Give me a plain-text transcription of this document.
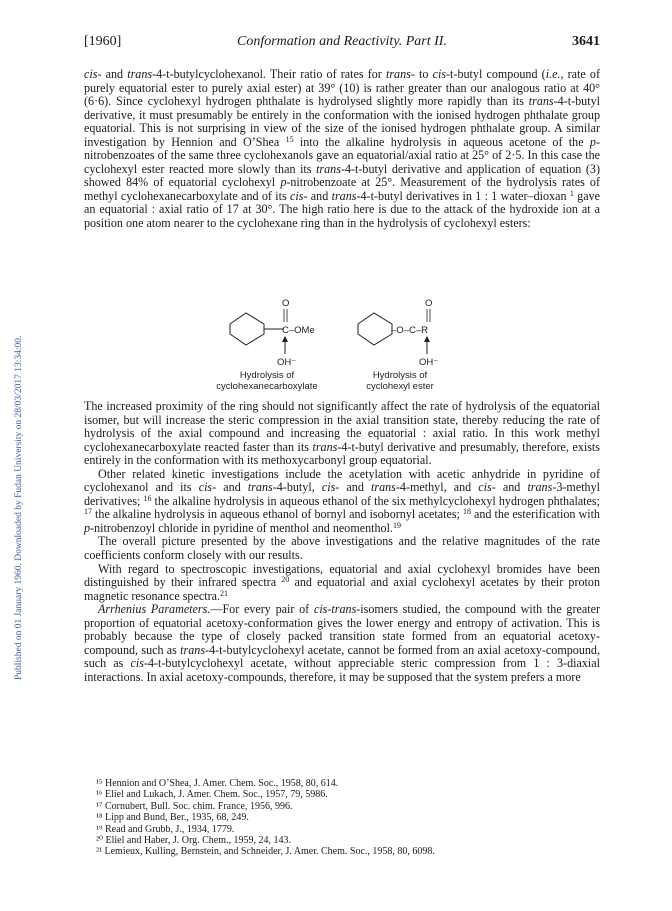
Published on 01 January 1960. Downloaded by Fudan University on 28/03/2017 13:34:00.
[1960]	Conformation and Reactivity. Part II.	3641

cis- and trans-4-t-butylcyclohexanol. Their ratio of rates for trans- to cis-t-butyl compound (i.e., rate of purely equatorial ester to purely axial ester) at 39° (10) is rather greater than our analogous ratio at 40° (6·6). Since cyclohexyl hydrogen phthalate is hydrolysed slightly more rapidly than its trans-4-t-butyl derivative, it must presumably be entirely in the conformation with the ionised hydrogen phthalate group equatorial. This is not surprising in view of the size of the ionised hydrogen phthalate group. A similar investigation by Hennion and O’Shea $^{15}$ into the alkaline hydrolysis in aqueous acetone of the p-nitrobenzoates of the same three cyclohexanols gave an equatorial/axial ratio at 25° of 2·5. In this case the cyclohexyl ester reacted more slowly than its trans-4-t-butyl derivative and application of equation (3) showed 84% of equatorial cyclohexyl p-nitrobenzoate at 25°. Measurement of the hydrolysis rates of methyl cyclohexanecarboxylate and of its cis- and trans-4-t-butyl derivatives in 1 : 1 water–dioxan $^1$ gave an equatorial : axial ratio of 17 at 30°. The high ratio here is due to the attack of the hydroxide ion at a position one atom nearer to the cyclohexane ring than in the hydrolysis of cyclohexyl esters:

O
C–OMe
OH⁻
–O–C–R
O
OH⁻
Hydrolysis of cyclohexanecarboxylate
Hydrolysis of cyclohexyl ester

The increased proximity of the ring should not significantly affect the rate of hydrolysis of the equatorial isomer, but will increase the steric compression in the axial transition state, thereby reducing the rate of hydrolysis of the axial compound and increasing the equatorial : axial ratio. In this work methyl cyclohexanecarboxylate reacted faster than its trans-4-t-butyl derivative and presumably, therefore, exists entirely in the conformation with its methoxycarbonyl group equatorial.

Other related kinetic investigations include the acetylation with acetic anhydride in pyridine of cyclohexanol and its cis- and trans-4-butyl, cis- and trans-4-methyl, and cis- and trans-3-methyl derivatives; $^{16}$ the alkaline hydrolysis in aqueous ethanol of the six methylcyclohexyl hydrogen phthalates; $^{17}$ the alkaline hydrolysis in aqueous ethanol of bornyl and isobornyl acetates; $^{18}$ and the esterification with p-nitrobenzoyl chloride in pyridine of menthol and neomenthol.$^{19}$

The overall picture presented by the above investigations and the relative magnitudes of the rate coefficients conform closely with our results.

With regard to spectroscopic investigations, equatorial and axial cyclohexyl bromides have been distinguished by their infrared spectra $^{20}$ and equatorial and axial cyclohexyl acetates by their proton magnetic resonance spectra.$^{21}$

Arrhenius Parameters.—For every pair of cis-trans-isomers studied, the compound with the greater proportion of equatorial acetoxy-conformation gives the lower energy and entropy of activation. This is probably because the type of closely packed transition state formed from an equatorial acetoxy-compound, such as trans-4-t-butylcyclohexyl acetate, cannot be formed from an axial acetoxy-compound, such as cis-4-t-butylcyclohexyl acetate, without appreciable steric compression from 1 : 3-diaxial interactions. In axial acetoxy-compounds, therefore, it may be supposed that the system prefers a more

¹⁵ Hennion and O’Shea, J. Amer. Chem. Soc., 1958, 80, 614.
¹⁶ Eliel and Lukach, J. Amer. Chem. Soc., 1957, 79, 5986.
¹⁷ Cornubert, Bull. Soc. chim. France, 1956, 996.
¹⁸ Lipp and Bund, Ber., 1935, 68, 249.
¹⁹ Read and Grubb, J., 1934, 1779.
²⁰ Eliel and Haber, J. Org. Chem., 1959, 24, 143.
²¹ Lemieux, Kulling, Bernstein, and Schneider, J. Amer. Chem. Soc., 1958, 80, 6098.
